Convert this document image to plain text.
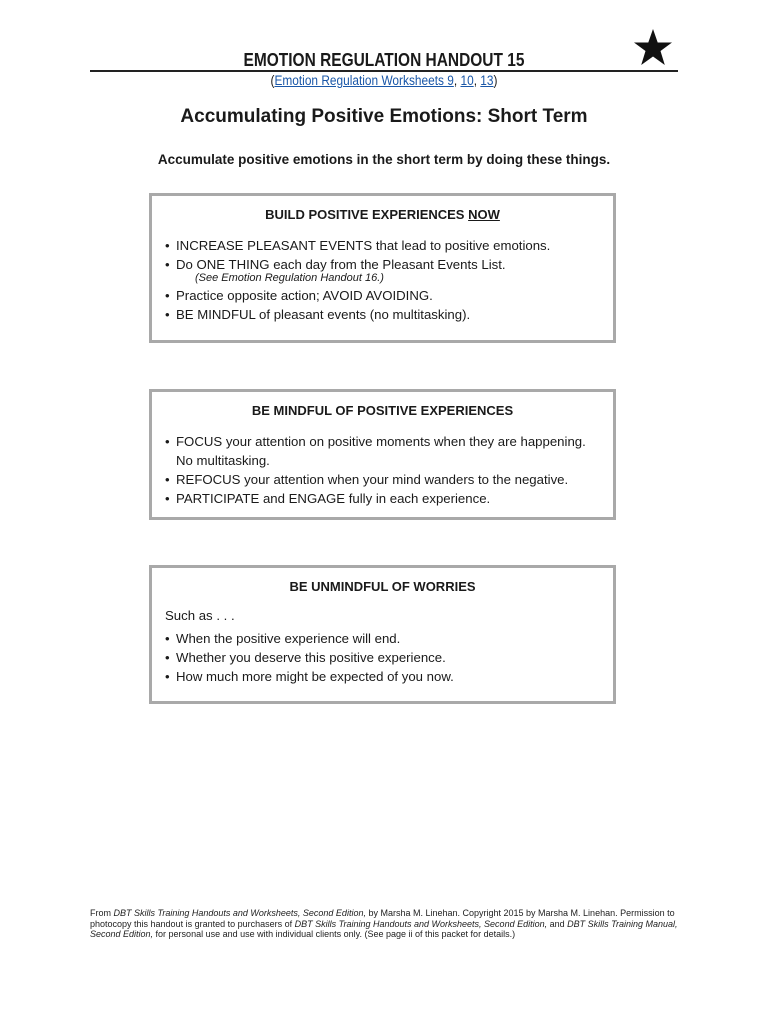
EMOTION REGULATION HANDOUT 15
(Emotion Regulation Worksheets 9, 10, 13)
Accumulating Positive Emotions: Short Term
Accumulate positive emotions in the short term by doing these things.
BUILD POSITIVE EXPERIENCES NOW
• INCREASE PLEASANT EVENTS that lead to positive emotions.
• Do ONE THING each day from the Pleasant Events List.
(See Emotion Regulation Handout 16.)
• Practice opposite action; AVOID AVOIDING.
• BE MINDFUL of pleasant events (no multitasking).
BE MINDFUL OF POSITIVE EXPERIENCES
• FOCUS your attention on positive moments when they are happening. No multitasking.
• REFOCUS your attention when your mind wanders to the negative.
• PARTICIPATE and ENGAGE fully in each experience.
BE UNMINDFUL OF WORRIES
Such as . . .
• When the positive experience will end.
• Whether you deserve this positive experience.
• How much more might be expected of you now.
From DBT Skills Training Handouts and Worksheets, Second Edition, by Marsha M. Linehan. Copyright 2015 by Marsha M. Linehan. Permission to photocopy this handout is granted to purchasers of DBT Skills Training Handouts and Worksheets, Second Edition, and DBT Skills Training Manual, Second Edition, for personal use and use with individual clients only. (See page ii of this packet for details.)
